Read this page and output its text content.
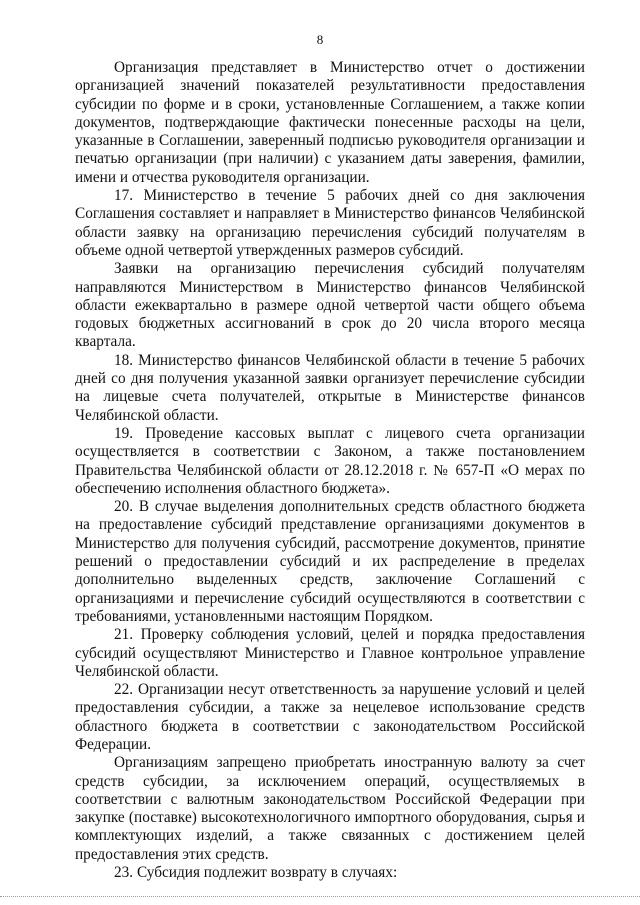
8

Организация представляет в Министерство отчет о достижении организацией значений показателей результативности предоставления субсидии по форме и в сроки, установленные Соглашением, а также копии документов, подтверждающие фактически понесенные расходы на цели, указанные в Соглашении, заверенный подписью руководителя организации и печатью организации (при наличии) с указанием даты заверения, фамилии, имени и отчества руководителя организации.

17. Министерство в течение 5 рабочих дней со дня заключения Соглашения составляет и направляет в Министерство финансов Челябинской области заявку на организацию перечисления субсидий получателям в объеме одной четвертой утвержденных размеров субсидий.

Заявки на организацию перечисления субсидий получателям направляются Министерством в Министерство финансов Челябинской области ежеквартально в размере одной четвертой части общего объема годовых бюджетных ассигнований в срок до 20 числа второго месяца квартала.

18. Министерство финансов Челябинской области в течение 5 рабочих дней со дня получения указанной заявки организует перечисление субсидии на лицевые счета получателей, открытые в Министерстве финансов Челябинской области.

19. Проведение кассовых выплат с лицевого счета организации осуществляется в соответствии с Законом, а также постановлением Правительства Челябинской области от 28.12.2018 г. № 657-П «О мерах по обеспечению исполнения областного бюджета».

20. В случае выделения дополнительных средств областного бюджета на предоставление субсидий представление организациями документов в Министерство для получения субсидий, рассмотрение документов, принятие решений о предоставлении субсидий и их распределение в пределах дополнительно выделенных средств, заключение Соглашений с организациями и перечисление субсидий осуществляются в соответствии с требованиями, установленными настоящим Порядком.

21. Проверку соблюдения условий, целей и порядка предоставления субсидий осуществляют Министерство и Главное контрольное управление Челябинской области.

22. Организации несут ответственность за нарушение условий и целей предоставления субсидии, а также за нецелевое использование средств областного бюджета в соответствии с законодательством Российской Федерации.

Организациям запрещено приобретать иностранную валюту за счет средств субсидии, за исключением операций, осуществляемых в соответствии с валютным законодательством Российской Федерации при закупке (поставке) высокотехнологичного импортного оборудования, сырья и комплектующих изделий, а также связанных с достижением целей предоставления этих средств.

23. Субсидия подлежит возврату в случаях:
